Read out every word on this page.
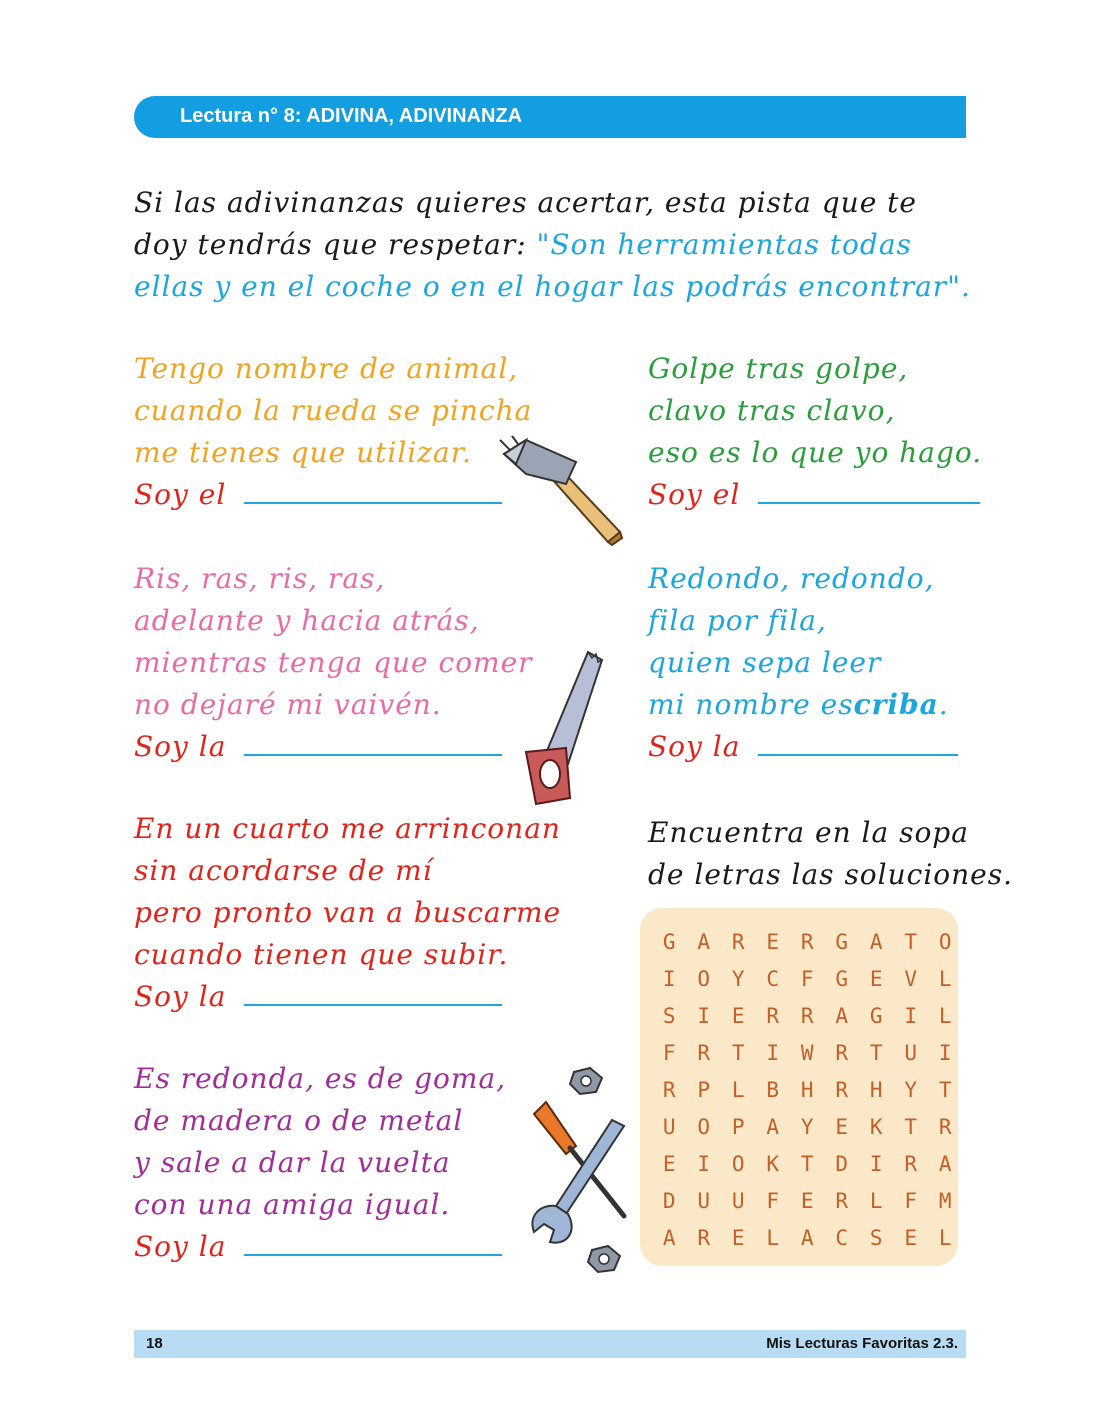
Lectura n° 8: ADIVINA, ADIVINANZA
Si las adivinanzas quieres acertar, esta pista que te
doy tendrás que respetar: "Son herramientas todas
ellas y en el coche o en el hogar las podrás encontrar".
Tengo nombre de animal,
cuando la rueda se pincha
me tienes que utilizar.
Soy el
Golpe tras golpe,
clavo tras clavo,
eso es lo que yo hago.
Soy el
Ris, ras, ris, ras,
adelante y hacia atrás,
mientras tenga que comer
no dejaré mi vaivén.
Soy la
Redondo, redondo,
fila por fila,
quien sepa leer
mi nombre escriba.
Soy la
En un cuarto me arrinconan
sin acordarse de mí
pero pronto van a buscarme
cuando tienen que subir.
Soy la
Encuentra en la sopa
de letras las soluciones.
Es redonda, es de goma,
de madera o de metal
y sale a dar la vuelta
con una amiga igual.
Soy la
G	A	R	E	R	G	A	T	O
I	O	Y	C	F	G	E	V	L
S	I	E	R	R	A	G	I	L
F	R	T	I	W	R	T	U	I
R	P	L	B	H	R	H	Y	T
U	O	P	A	Y	E	K	T	R
E	I	O	K	T	D	I	R	A
D	U	U	F	E	R	L	F	M
A	R	E	L	A	C	S	E	L
18	Mis Lecturas Favoritas 2.3.
